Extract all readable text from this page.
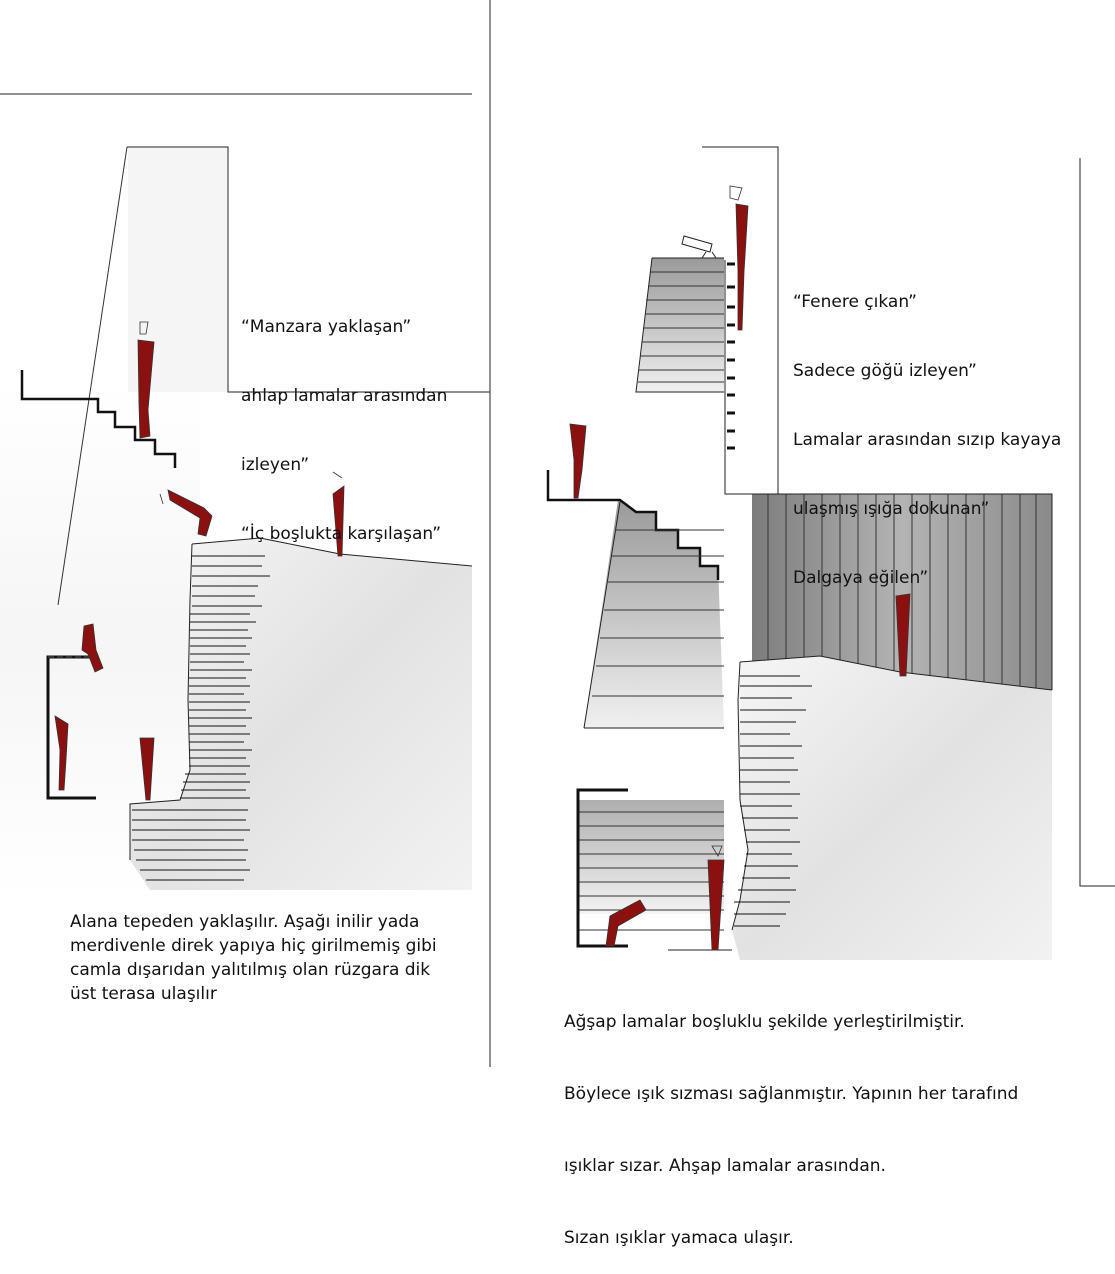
“Manzara yaklaşan”

ahlap lamalar arasından

izleyen”

“İç boşlukta karşılaşan”

Alana tepeden yaklaşılır. Aşağı inilir yada
merdivenle direk yapıya hiç girilmemiş gibi
camla dışarıdan yalıtılmış olan rüzgara dik
üst terasa ulaşılır

“Fenere çıkan”

Sadece göğü izleyen”

Lamalar arasından sızıp kayaya

ulaşmış ışığa dokunan”

Dalgaya eğilen”

Ağşap lamalar boşluklu şekilde yerleştirilmiştir.

Böylece ışık sızması sağlanmıştır. Yapının her tarafınd

ışıklar sızar. Ahşap lamalar arasından.

Sızan ışıklar yamaca ulaşır.
